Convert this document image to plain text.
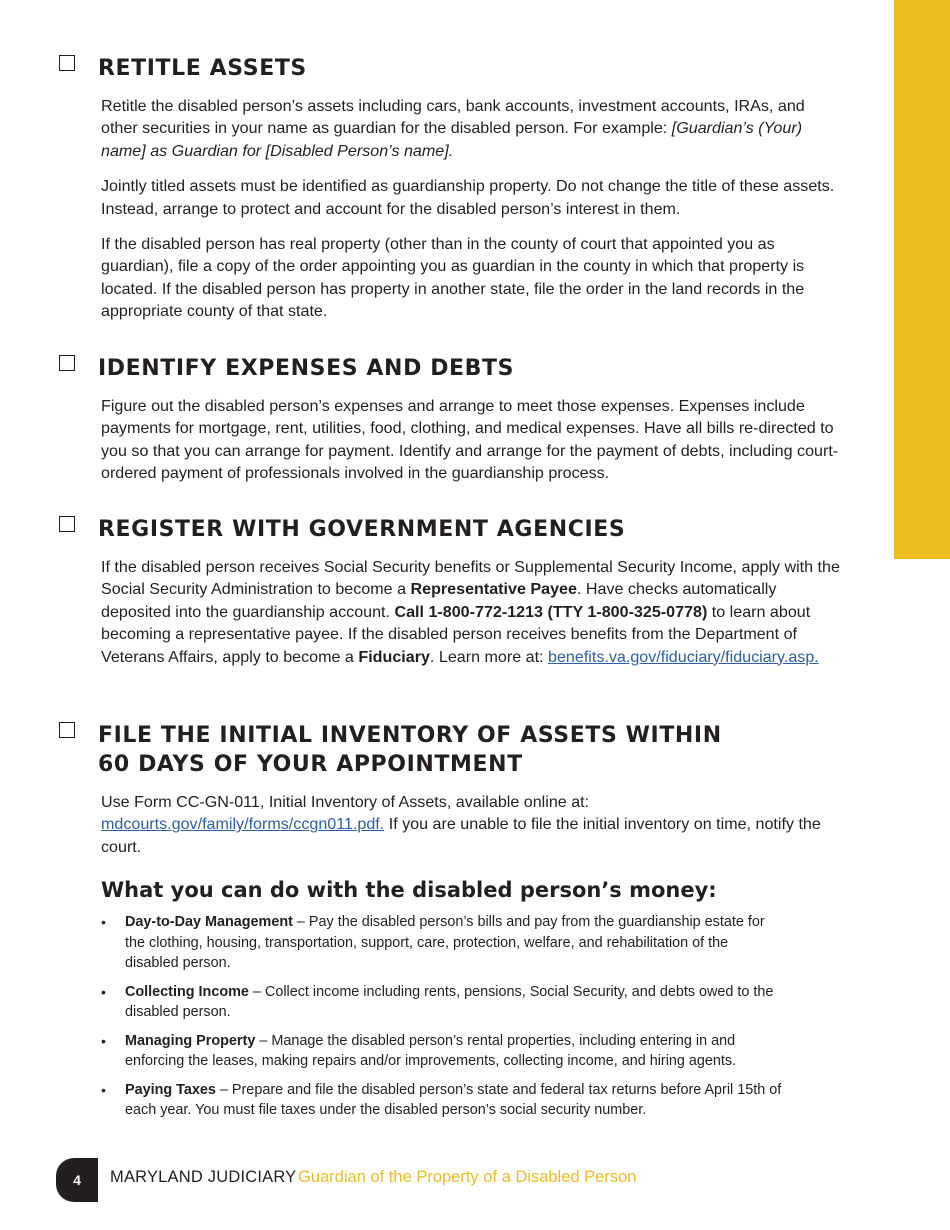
RETITLE ASSETS

Retitle the disabled person’s assets including cars, bank accounts, investment accounts, IRAs, and other securities in your name as guardian for the disabled person. For example: [Guardian’s (Your) name] as Guardian for [Disabled Person’s name].

Jointly titled assets must be identified as guardianship property. Do not change the title of these assets. Instead, arrange to protect and account for the disabled person’s interest in them.

If the disabled person has real property (other than in the county of court that appointed you as guardian), file a copy of the order appointing you as guardian in the county in which that property is located. If the disabled person has property in another state, file the order in the land records in the appropriate county of that state.

IDENTIFY EXPENSES AND DEBTS

Figure out the disabled person’s expenses and arrange to meet those expenses. Expenses include payments for mortgage, rent, utilities, food, clothing, and medical expenses. Have all bills re-directed to you so that you can arrange for payment. Identify and arrange for the payment of debts, including court-ordered payment of professionals involved in the guardianship process.

REGISTER WITH GOVERNMENT AGENCIES

If the disabled person receives Social Security benefits or Supplemental Security Income, apply with the Social Security Administration to become a Representative Payee. Have checks automatically deposited into the guardianship account. Call 1-800-772-1213 (TTY 1-800-325-0778) to learn about becoming a representative payee. If the disabled person receives benefits from the Department of Veterans Affairs, apply to become a Fiduciary. Learn more at: benefits.va.gov/fiduciary/fiduciary.asp.

FILE THE INITIAL INVENTORY OF ASSETS WITHIN
60 DAYS OF YOUR APPOINTMENT

Use Form CC-GN-011, Initial Inventory of Assets, available online at: mdcourts.gov/family/forms/ccgn011.pdf. If you are unable to file the initial inventory on time, notify the court.

What you can do with the disabled person’s money:
• Day-to-Day Management – Pay the disabled person’s bills and pay from the guardianship estate for the clothing, housing, transportation, support, care, protection, welfare, and rehabilitation of the disabled person.
• Collecting Income – Collect income including rents, pensions, Social Security, and debts owed to the disabled person.
• Managing Property – Manage the disabled person’s rental properties, including entering in and enforcing the leases, making repairs and/or improvements, collecting income, and hiring agents.
• Paying Taxes – Prepare and file the disabled person’s state and federal tax returns before April 15th of each year. You must file taxes under the disabled person’s social security number.
4	MARYLAND JUDICIARY Guardian of the Property of a Disabled Person
